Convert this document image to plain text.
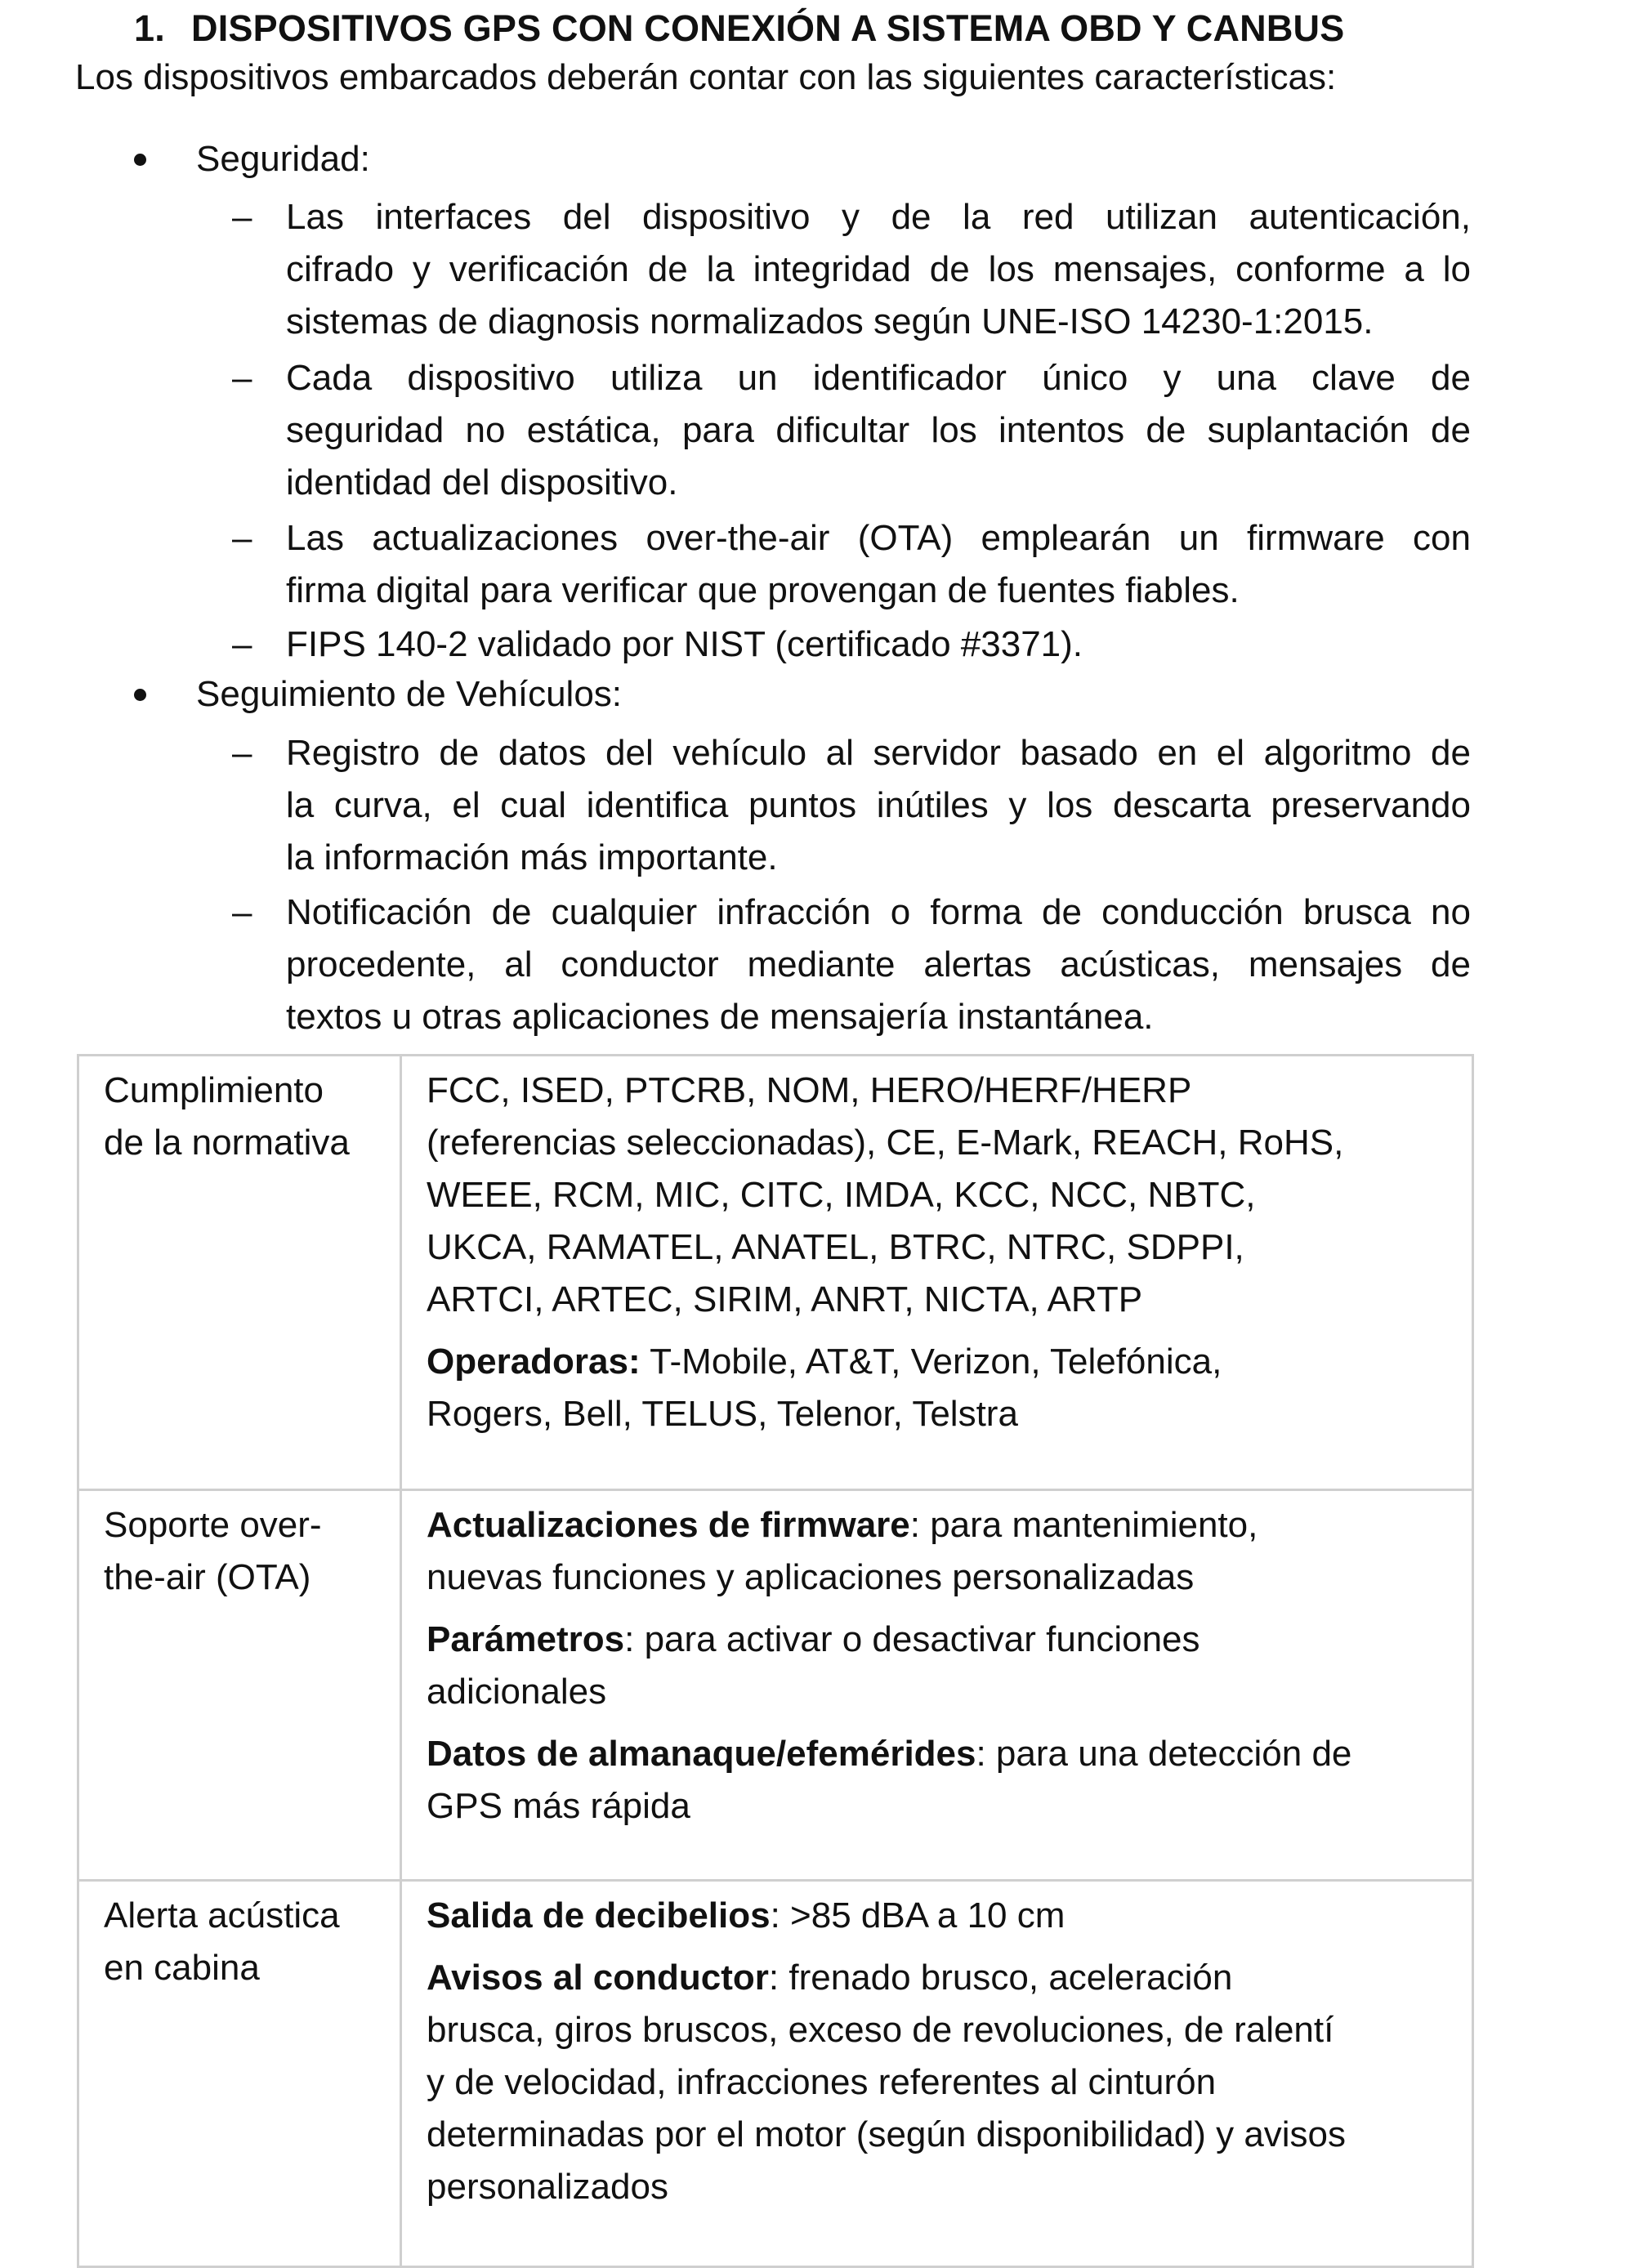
1. DISPOSITIVOS GPS CON CONEXIÓN A SISTEMA OBD Y CANBUS
Los dispositivos embarcados deberán contar con las siguientes características:
Seguridad:
– Las interfaces del dispositivo y de la red utilizan autenticación,
cifrado y verificación de la integridad de los mensajes, conforme a lo
sistemas de diagnosis normalizados según UNE-ISO 14230-1:2015.
– Cada dispositivo utiliza un identificador único y una clave de
seguridad no estática, para dificultar los intentos de suplantación de
identidad del dispositivo.
– Las actualizaciones over-the-air (OTA) emplearán un firmware con
firma digital para verificar que provengan de fuentes fiables.
– FIPS 140-2 validado por NIST (certificado #3371).
Seguimiento de Vehículos:
– Registro de datos del vehículo al servidor basado en el algoritmo de
la curva, el cual identifica puntos inútiles y los descarta preservando
la información más importante.
– Notificación de cualquier infracción o forma de conducción brusca no
procedente, al conductor mediante alertas acústicas, mensajes de
textos u otras aplicaciones de mensajería instantánea.
Cumplimiento
de la normativa
FCC, ISED, PTCRB, NOM, HERO/HERF/HERP
(referencias seleccionadas), CE, E-Mark, REACH, RoHS,
WEEE, RCM, MIC, CITC, IMDA, KCC, NCC, NBTC,
UKCA, RAMATEL, ANATEL, BTRC, NTRC, SDPPI,
ARTCI, ARTEC, SIRIM, ANRT, NICTA, ARTP
Operadoras: T-Mobile, AT&T, Verizon, Telefónica,
Rogers, Bell, TELUS, Telenor, Telstra
Soporte over-
the-air (OTA)
Actualizaciones de firmware: para mantenimiento,
nuevas funciones y aplicaciones personalizadas
Parámetros: para activar o desactivar funciones
adicionales
Datos de almanaque/efemérides: para una detección de
GPS más rápida
Alerta acústica
en cabina
Salida de decibelios: >85 dBA a 10 cm
Avisos al conductor: frenado brusco, aceleración
brusca, giros bruscos, exceso de revoluciones, de ralentí
y de velocidad, infracciones referentes al cinturón
determinadas por el motor (según disponibilidad) y avisos
personalizados
